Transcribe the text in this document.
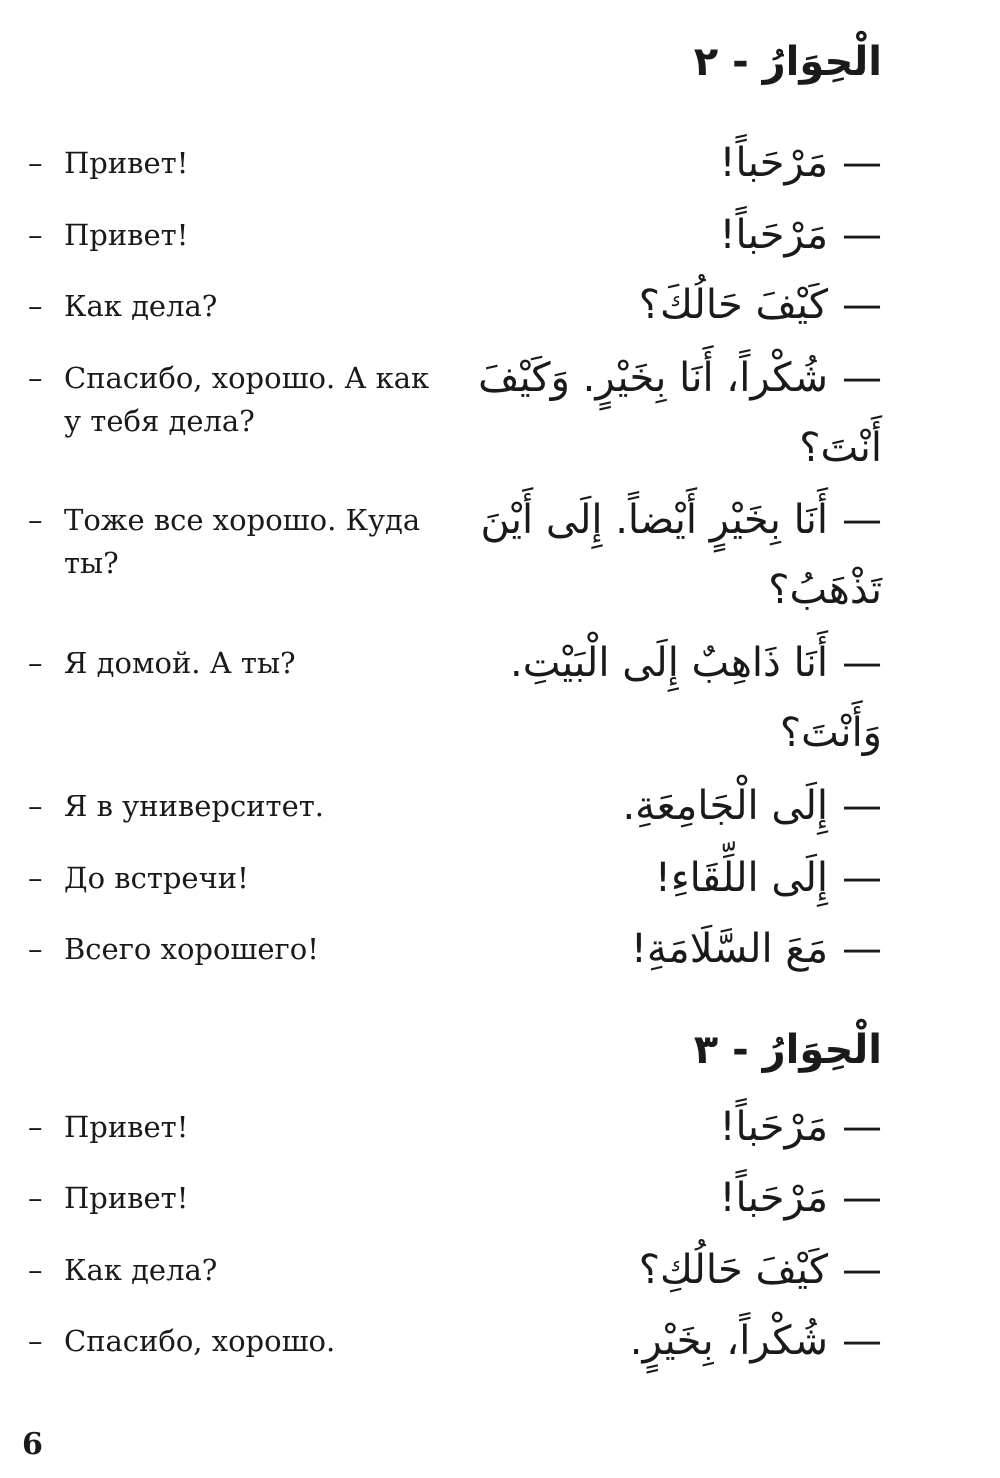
الْحِوَارُ - ٢
—مَرْحَباً!
– Привет!
—مَرْحَباً!
– Привет!
—كَيْفَ حَالُكَ؟
– Как дела?
—شُكْراً، أَنَا بِخَيْرٍ. وَكَيْفَ أَنْتَ؟
– Спасибо, хорошо. А как у тебя дела?
—أَنَا بِخَيْرٍ أَيْضاً. إِلَى أَيْنَ تَذْهَبُ؟
– Тоже все хорошо. Куда ты?
—أَنَا ذَاهِبٌ إِلَى الْبَيْتِ. وَأَنْتَ؟
– Я домой. А ты?
—إِلَى الْجَامِعَةِ.
– Я в университет.
—إِلَى اللِّقَاءِ!
– До встречи!
—مَعَ السَّلَامَةِ!
– Всего хорошего!
الْحِوَارُ - ٣
—مَرْحَباً!
– Привет!
—مَرْحَباً!
– Привет!
—كَيْفَ حَالُكِ؟
– Как дела?
—شُكْراً، بِخَيْرٍ.
– Спасибо, хорошо.
6
